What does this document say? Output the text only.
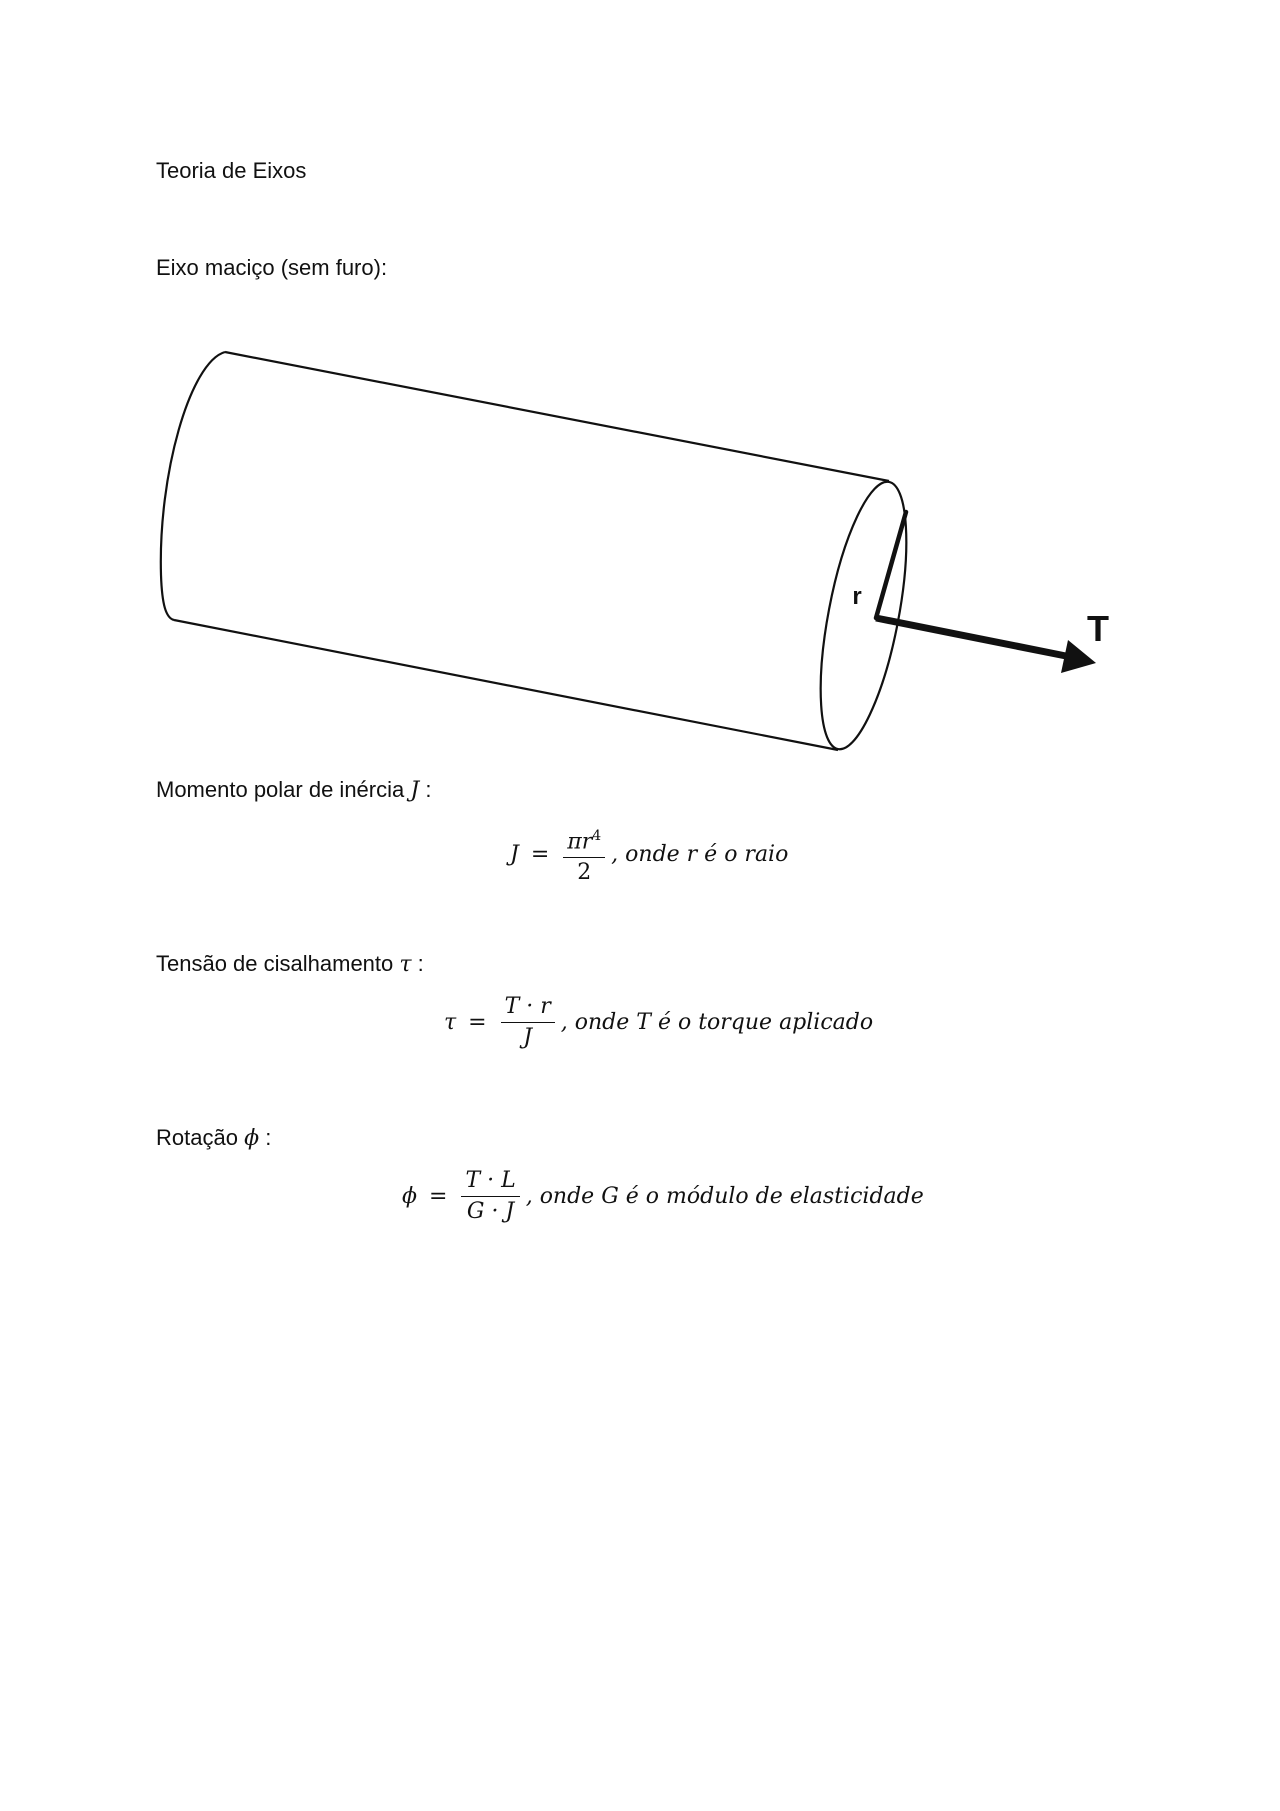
Teoria de Eixos
Eixo maciço (sem furo):
r
T
Momento polar de inércia J :
$J = \frac{\pi r^4}{2}$ , onde r é o raio
Tensão de cisalhamento τ :
$\tau = \frac{T \cdot r}{J}$ , onde T é o torque aplicado
Rotação ϕ :
$\phi = \frac{T \cdot L}{G \cdot J}$ , onde G é o módulo de elasticidade
